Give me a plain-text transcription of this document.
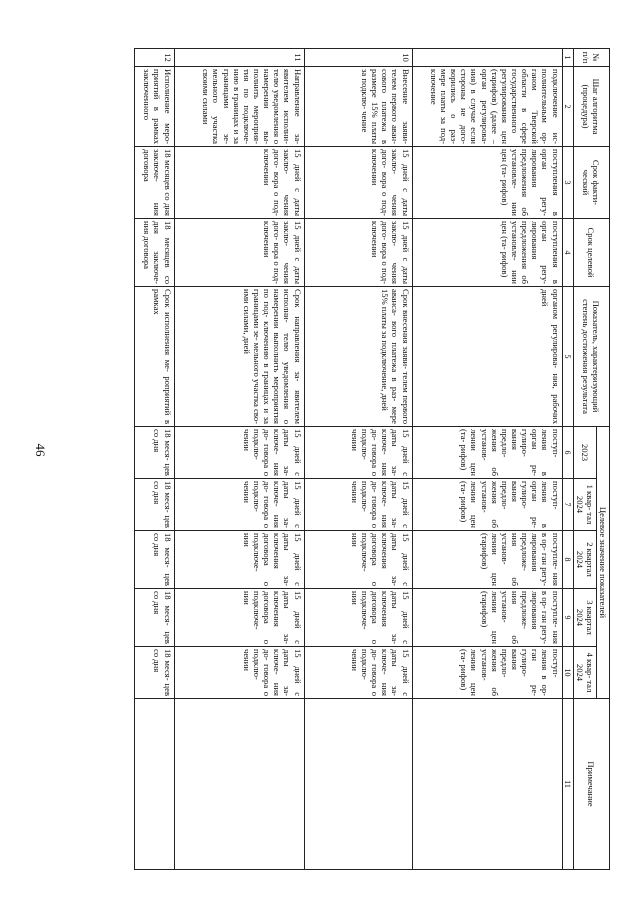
46
№ п/п	Шаг алгоритма (процедура)	Срок факти- ческий	Срок целевой	Показатель, характеризующий степень достижения результата	Целевое значение показателей					Примечание
					2023	1 квар- тал 2024	2 квартал 2024	3 квартал 2024	4 квар- тал 2024	
1	2	3	4	5	6	7	8	9	10	11
	подключение ис- полнительным ор- ганом Тверской области в сфере государственного регулирования цен (тарифов) (далее – орган регулирова- ния) в случае если стороны не дого- ворились о раз- мере платы за под- ключение	поступления в орган регу- лирования предложения об установле- нии цен (та- рифов)	поступления в орган регу- лирования предложения об установле- нии цен (та- рифов)	органом регулирова- ния, рабочих дней	поступ- ления в орган ре- гулиро- вания предло- жения об установ- лении цен (та- рифов)	поступ- ления в орган ре- гулиро- вания предло- жения об установ- лении цен (та- рифов)	поступле- ния в ор- ган регу- лирования предложе- ния об установ- лении цен (тарифов)	поступле- ния в ор- ган регу- лирования предложе- ния об установ- лении цен (тарифов)	поступ- ления в ор- ган ре- гулиро- вания предло- жения об установ- лении цен (та- рифов)	
10	Внесение заяви- телем первого аван- сового платежа в размере 15% платы за подклю- чение	15 дней с даты заклю- чения дого- вора о под- ключении	15 дней с даты заклю- чения дого- вора о под- ключении	Срок внесения заяви- телем первого аванса- вого платежа в раз- мере 15% платы за подключение, дней	15 дней с даты за- ключе- ния до- говора о подклю- чении	15 дней с даты за- ключе- ния до- говора о подклю- чении	15 дней с даты за- ключения договора о подключе- нии	15 дней с даты за- ключения договора о подключе- нии	15 дней с даты за- ключе- ния до- говора о подклю- чении	
11	Направление за- явителем исполни- телю уведомления о намерении вы- полнить мероприя- тия по подключе- нию в границах и за границами зе- мельного участка своими силами	15 дней с даты заклю- чения дого- вора о под- ключении	15 дней с даты заклю- чения дого- вора о под- ключении	Срок направления за- явителем исполни- телю уведомления о намерении выполнить мероприятия по под- ключению в границах и за границами зе- мельного участка сво- ими силами, дней	15 дней с даты за- ключе- ния до- говора о подклю- чении	15 дней с даты за- ключе- ния до- говора о подклю- чении	15 дней с даты за- ключения договора о подключе- нии	15 дней с даты за- ключения договора о подключе- нии	15 дней с даты за- ключе- ния до- говора о подклю- чении	
12	Исполнение меро- приятий в рамках заключенного	18 месяцев со дня заключе- ния договора	18 месяцев со дня заключе- ния договора	Срок исполнения ме- роприятий в рамках	18 меся- цев со дня	18 меся- цев со дня	18 меся- цев со дня	18 меся- цев со дня	18 меся- цев со дня	
